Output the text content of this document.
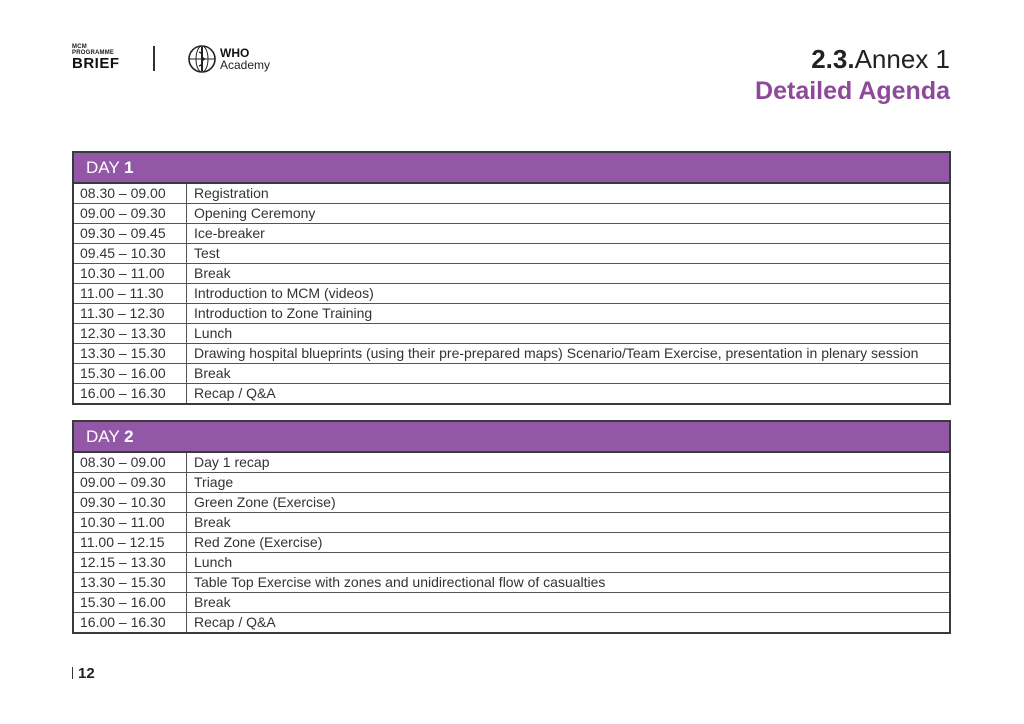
MCM
PROGRAMME
BRIEF
WHO
Academy	2.3.Annex 1
Detailed Agenda
DAY 1
08.30 – 09.00	Registration
09.00 – 09.30	Opening Ceremony
09.30 – 09.45	Ice-breaker
09.45 – 10.30	Test
10.30 – 11.00	Break
11.00 – 11.30	Introduction to MCM (videos)
11.30 – 12.30	Introduction to Zone Training
12.30 – 13.30	Lunch
13.30 – 15.30	Drawing hospital blueprints (using their pre-prepared maps) Scenario/Team Exercise, presentation in plenary session
15.30 – 16.00	Break
16.00 – 16.30	Recap / Q&A
DAY 2
08.30 – 09.00	Day 1 recap
09.00 – 09.30	Triage
09.30 – 10.30	Green Zone (Exercise)
10.30 – 11.00	Break
11.00 – 12.15	Red Zone (Exercise)
12.15 – 13.30	Lunch
13.30 – 15.30	Table Top Exercise with zones and unidirectional flow of casualties
15.30 – 16.00	Break
16.00 – 16.30	Recap / Q&A
12
